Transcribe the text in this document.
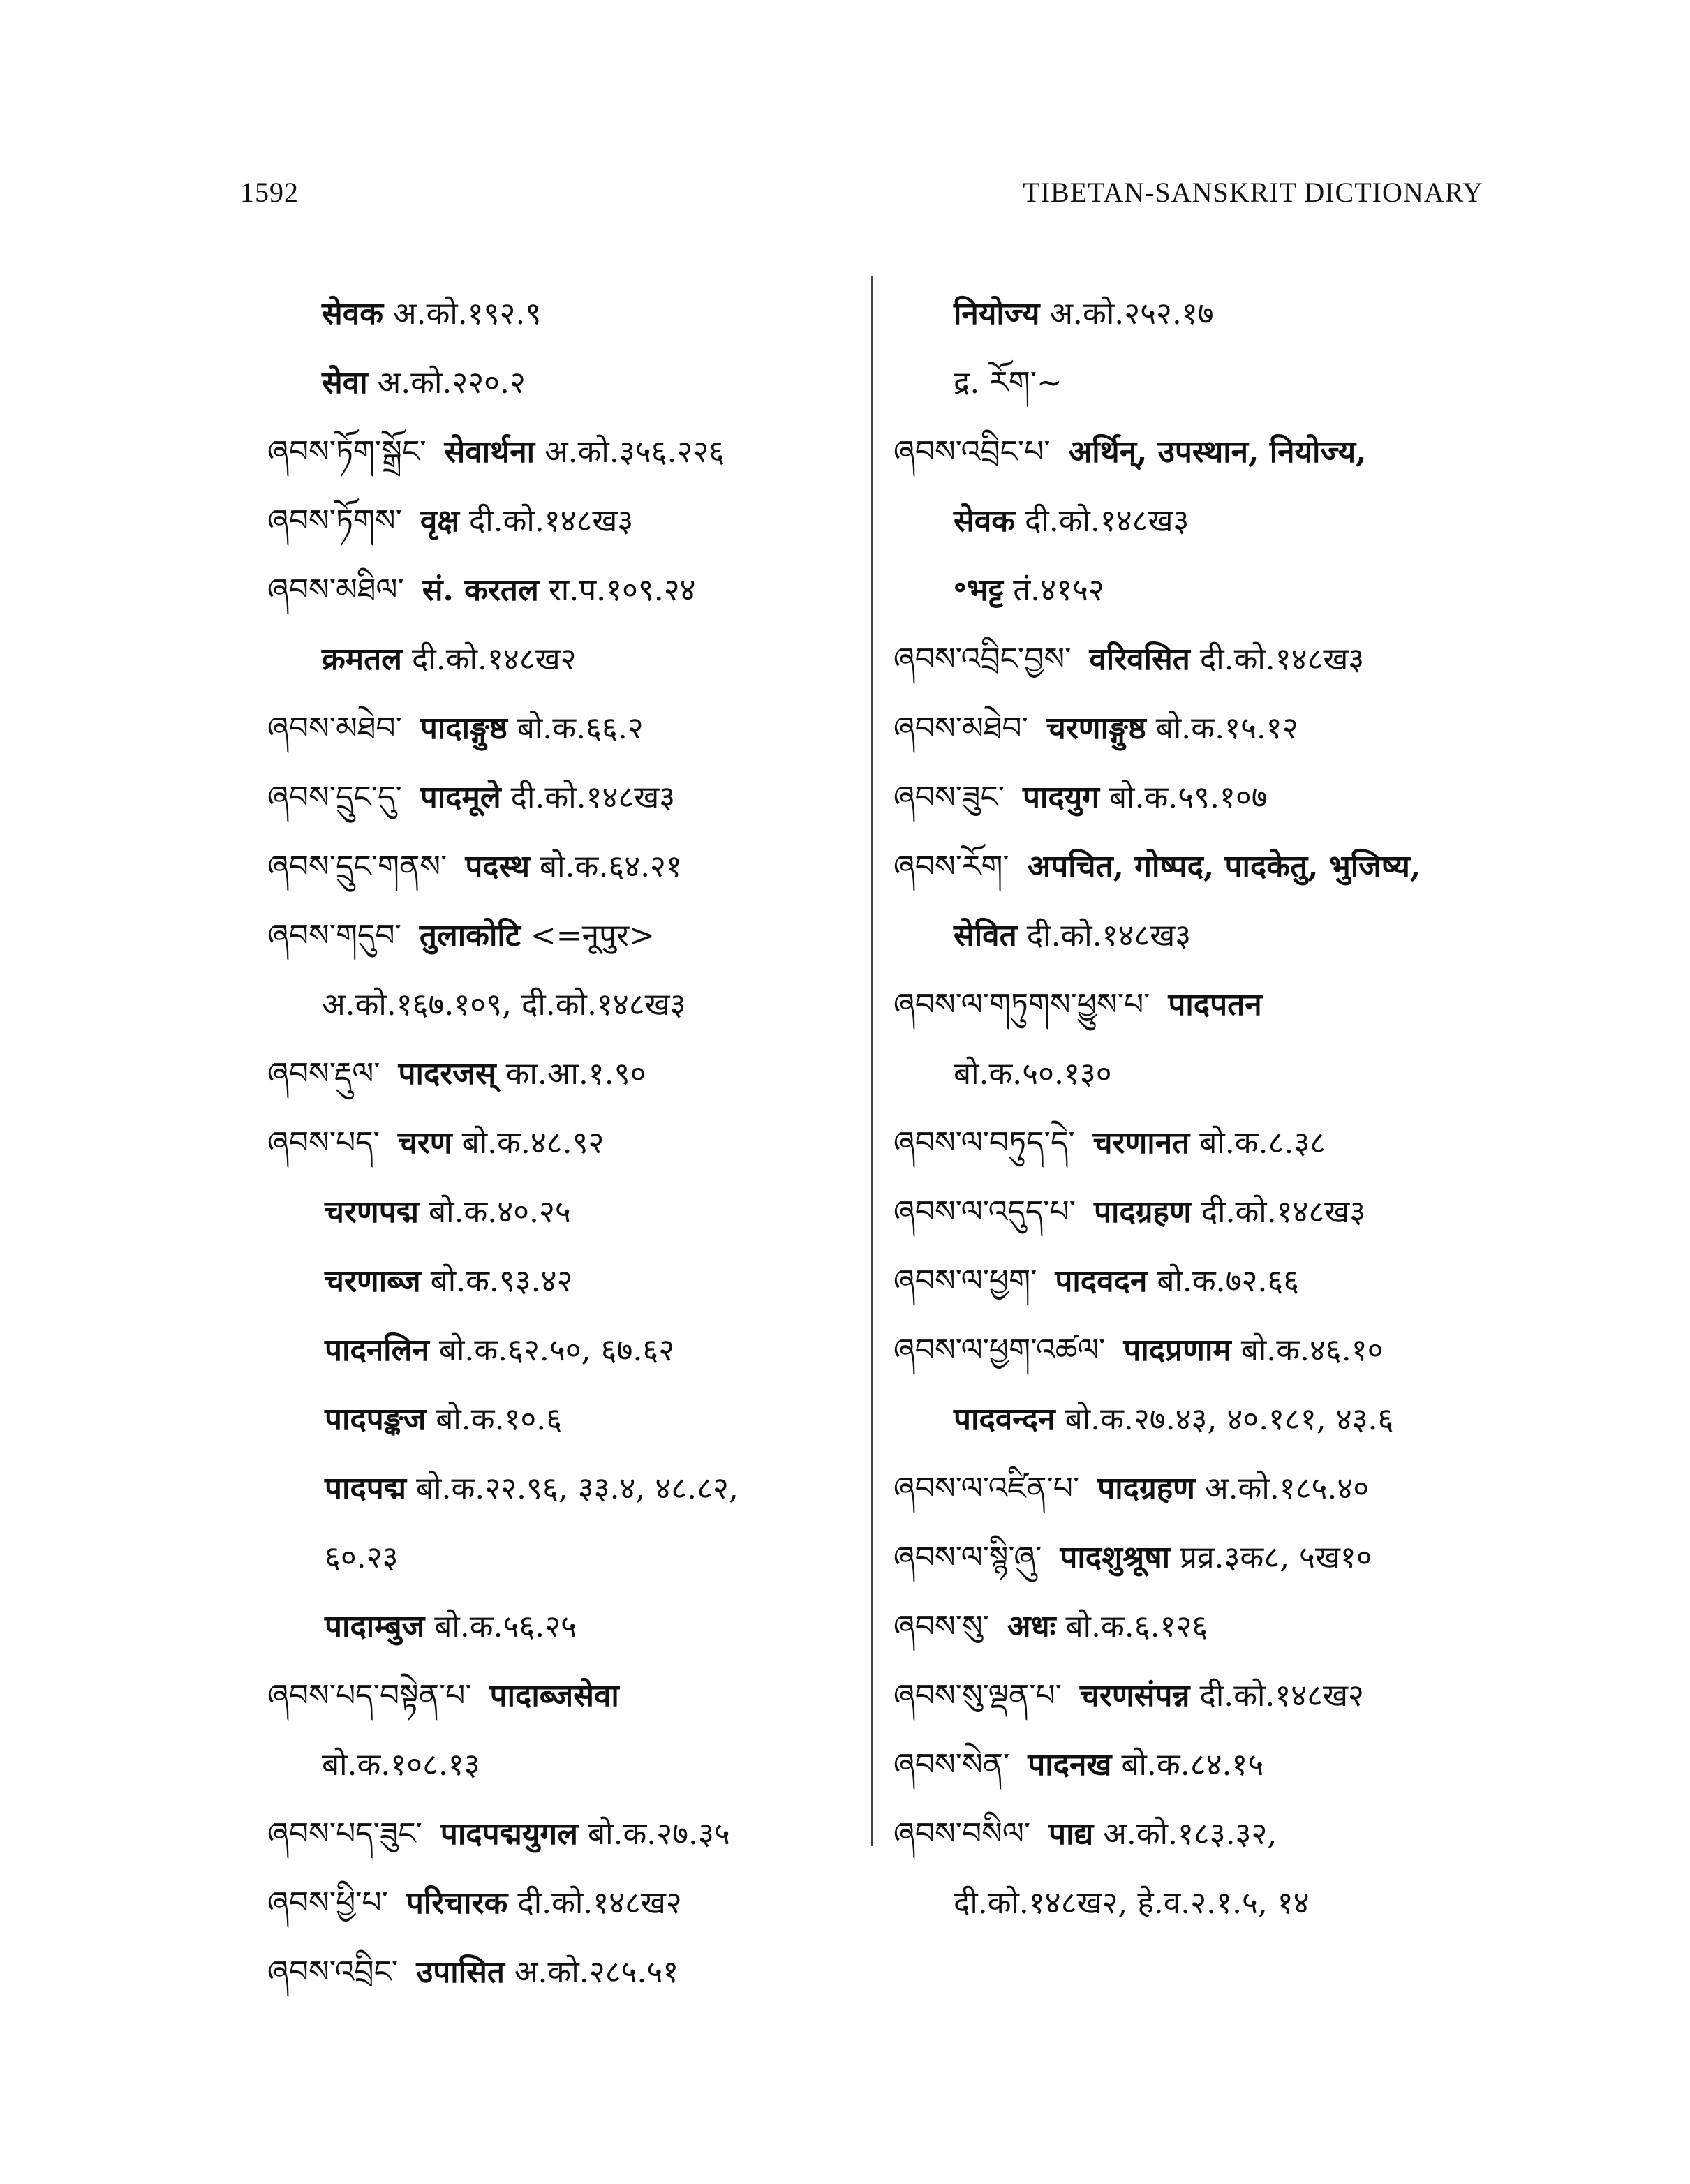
1592	TIBETAN-SANSKRIT DICTIONARY
सेवक अ.को.१९२.९
सेवा अ.को.२२०.२
ཞབས་ཏོག་སྒྲོང་ सेवार्थना अ.को.३५६.२२६
ཞབས་ཏོགས་ वृक्ष दी.को.१४८ख३
ཞབས་མཐིལ་ सं. करतल रा.प.१०९.२४
क्रमतल दी.को.१४८ख२
ཞབས་མཐེབ་ पादाङ्गुष्ठ बो.क.६६.२
ཞབས་དྲུང་དུ་ पादमूले दी.को.१४८ख३
ཞབས་དྲུང་གནས་ पदस्थ बो.क.६४.२१
ཞབས་གདུབ་ तुलाकोटि <=नूपुर>
अ.को.१६७.१०९, दी.को.१४८ख३
ཞབས་རྡུལ་ पादरजस् का.आ.१.९०
ཞབས་པད་ चरण बो.क.४८.९२
चरणपद्म बो.क.४०.२५
चरणाब्ज बो.क.९३.४२
पादनलिन बो.क.६२.५०, ६७.६२
पादपङ्कज बो.क.१०.६
पादपद्म बो.क.२२.९६, ३३.४, ४८.८२,
६०.२३
पादाम्बुज बो.क.५६.२५
ཞབས་པད་བསྟེན་པ་ पादाब्जसेवा
बो.क.१०८.१३
ཞབས་པད་ཟུང་ पादपद्मयुगल बो.क.२७.३५
ཞབས་ཕྱི་པ་ परिचारक दी.को.१४८ख२
ཞབས་འབྲིང་ उपासित अ.को.२८५.५१
नियोज्य अ.को.२५२.१७
द्र. རོག་~
ཞབས་འབྲིང་པ་ अर्थिन्, उपस्थान, नियोज्य,
सेवक दी.को.१४८ख३
॰भट्ट तं.४१५२
ཞབས་འབྲིང་བྱས་ वरिवसित दी.को.१४८ख३
ཞབས་མཐེབ་ चरणाङ्गुष्ठ बो.क.१५.१२
ཞབས་ཟུང་ पादयुग बो.क.५९.१०७
ཞབས་རོག་ अपचित, गोष्पद, पादकेतु, भुजिष्य,
सेवित दी.को.१४८ख३
ཞབས་ལ་གཏུགས་ཕྱུས་པ་ पादपतन
बो.क.५०.१३०
ཞབས་ལ་བཏུད་དེ་ चरणानत बो.क.८.३८
ཞབས་ལ་འདུད་པ་ पादग्रहण दी.को.१४८ख३
ཞབས་ལ་ཕྱག་ पादवदन बो.क.७२.६६
ཞབས་ལ་ཕྱག་འཚལ་ पादप्रणाम बो.क.४६.१०
पादवन्दन बो.क.२७.४३, ४०.१८१, ४३.६
ཞབས་ལ་འཛིན་པ་ पादग्रहण अ.को.१८५.४०
ཞབས་ལ་སྙི་ཞུ་ पादशुश्रूषा प्रव्र.३क८, ५ख१०
ཞབས་སུ་ अधः बो.क.६.१२६
ཞབས་སུ་ལྡན་པ་ चरणसंपन्न दी.को.१४८ख२
ཞབས་སེན་ पादनख बो.क.८४.१५
ཞབས་བསིལ་ पाद्य अ.को.१८३.३२,
दी.को.१४८ख२, हे.व.२.१.५, १४
